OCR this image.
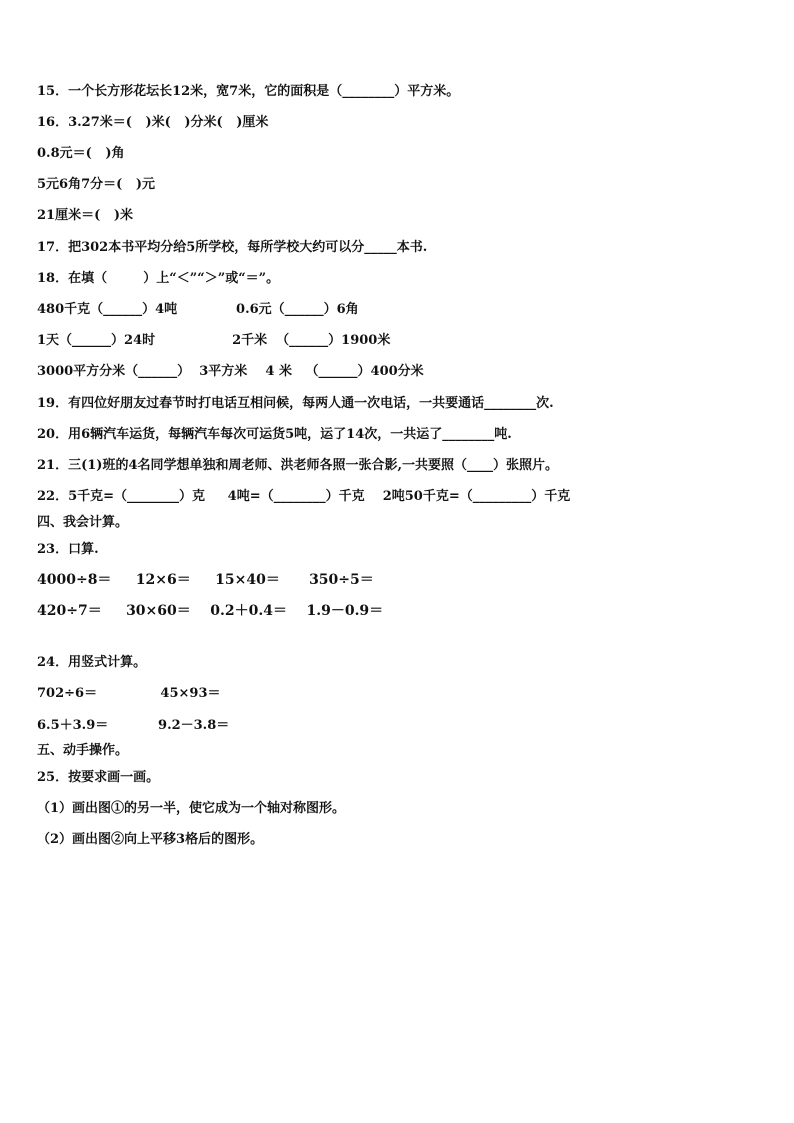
15．一个长方形花坛长12米，宽7米，它的面积是（________）平方米。
16．3.27米＝(   )米(   )分米(   )厘米
0.8元＝(   )角
5元6角7分＝(   )元
21厘米＝(   )米
17．把302本书平均分给5所学校，每所学校大约可以分_____本书.
18．在填（        ）上“＜”“＞”或“＝”。
480千克（______）4吨             0.6元（______）6角
1天（______）24时                 2千米  （______）1900米
3000平方分米（______）  3平方米    4 米   （______）400分米
19．有四位好朋友过春节时打电话互相问候，每两人通一次电话，一共要通话________次.
20．用6辆汽车运货，每辆汽车每次可运货5吨，运了14次，一共运了________吨.
21．三(1)班的4名同学想单独和周老师、洪老师各照一张合影,一共要照（____）张照片。
22．5千克=（________）克     4吨=（________）千克    2吨50千克=（_________）千克
四、我会计算。
23．口算.
4000÷8＝     12×6＝     15×40＝      350÷5＝
420÷7＝     30×60＝    0.2＋0.4＝    1.9－0.9＝
24．用竖式计算。
702÷6＝              45×93＝
6.5＋3.9＝           9.2－3.8＝
五、动手操作。
25．按要求画一画。
（1）画出图①的另一半，使它成为一个轴对称图形。
（2）画出图②向上平移3格后的图形。
